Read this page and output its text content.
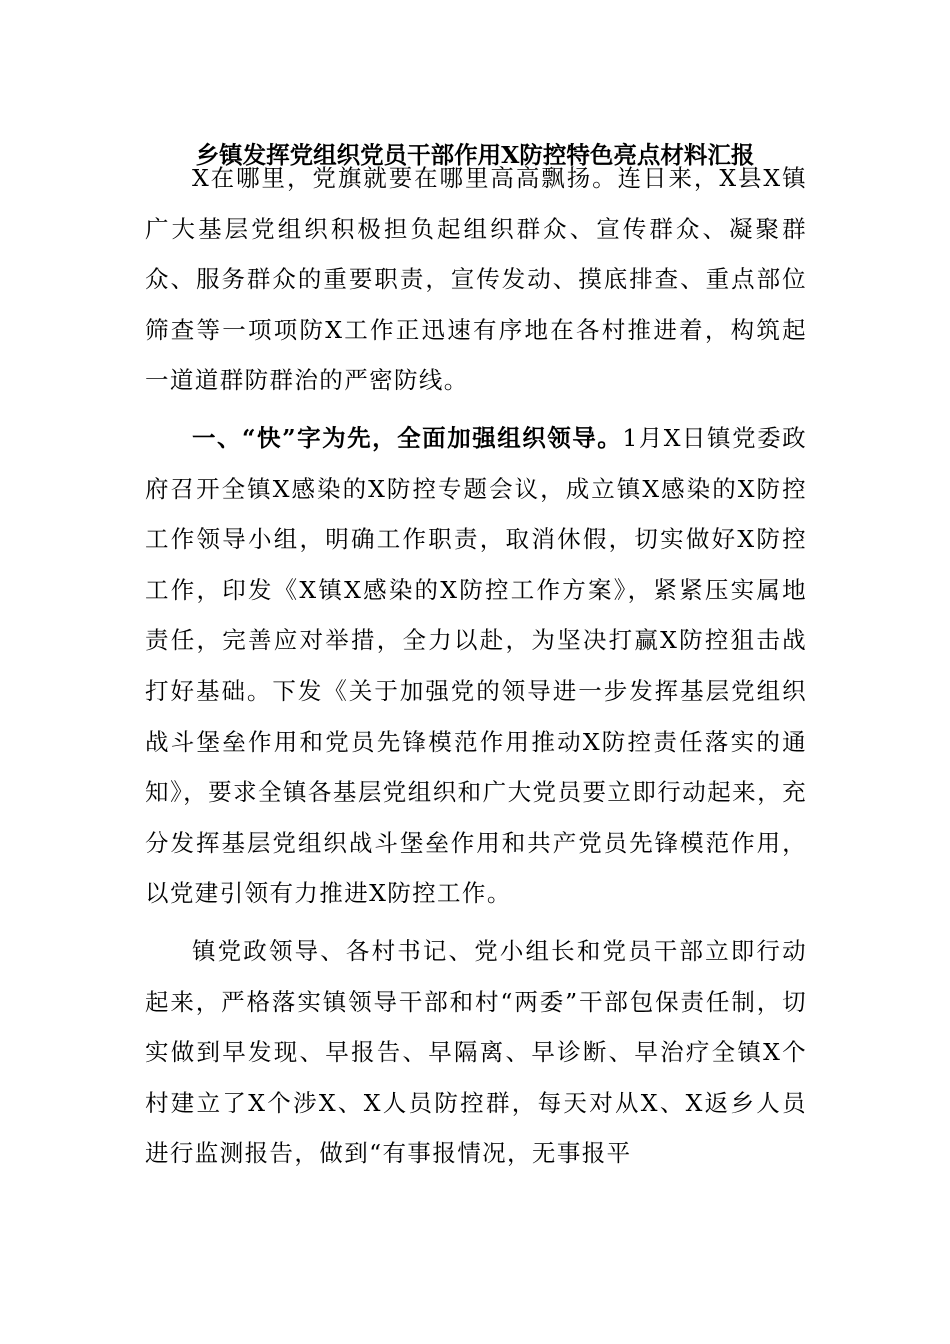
乡镇发挥党组织党员干部作用X防控特色亮点材料汇报

X在哪里，党旗就要在哪里高高飘扬。连日来，X县X镇广大基层党组织积极担负起组织群众、宣传群众、凝聚群众、服务群众的重要职责，宣传发动、摸底排查、重点部位筛查等一项项防X工作正迅速有序地在各村推进着，构筑起一道道群防群治的严密防线。

一、“快”字为先，全面加强组织领导。1月X日镇党委政府召开全镇X感染的X防控专题会议，成立镇X感染的X防控工作领导小组，明确工作职责，取消休假，切实做好X防控工作，印发《X镇X感染的X防控工作方案》，紧紧压实属地责任，完善应对举措，全力以赴，为坚决打赢X防控狙击战打好基础。下发《关于加强党的领导进一步发挥基层党组织战斗堡垒作用和党员先锋模范作用推动X防控责任落实的通知》，要求全镇各基层党组织和广大党员要立即行动起来，充分发挥基层党组织战斗堡垒作用和共产党员先锋模范作用，以党建引领有力推进X防控工作。

镇党政领导、各村书记、党小组长和党员干部立即行动起来，严格落实镇领导干部和村“两委”干部包保责任制，切实做到早发现、早报告、早隔离、早诊断、早治疗全镇X个村建立了X个涉X、X人员防控群，每天对从X、X返乡人员进行监测报告，做到“有事报情况，无事报平
